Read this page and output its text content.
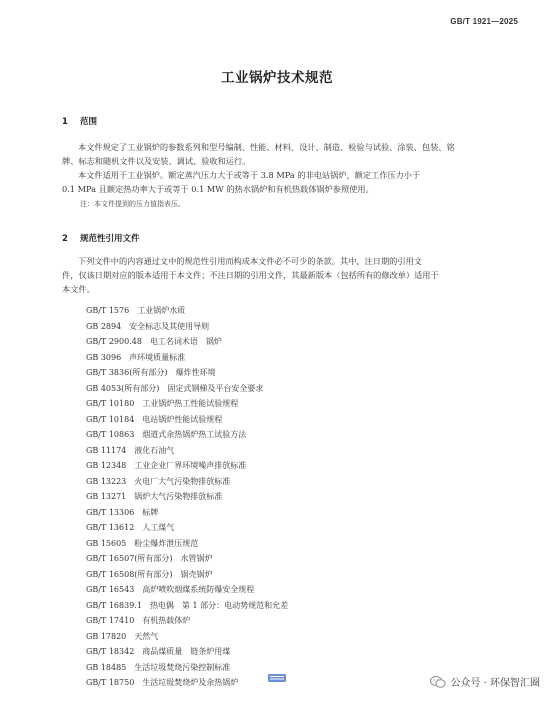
GB/T 1921—2025
工业锅炉技术规范
1 范围
本文件规定了工业锅炉的参数系列和型号编制、性能、材料、设计、制造、检验与试验、涂装、包装、铭
牌、标志和随机文件以及安装、调试、验收和运行。
本文件适用于工业锅炉。额定蒸汽压力大于或等于 3.8 MPa 的非电站锅炉，额定工作压力小于
0.1 MPa 且额定热功率大于或等于 0.1 MW 的热水锅炉和有机热载体锅炉参照使用。
注：本文件提到的压力值指表压。
2 规范性引用文件
下列文件中的内容通过文中的规范性引用而构成本文件必不可少的条款。其中，注日期的引用文
件，仅该日期对应的版本适用于本文件；不注日期的引用文件，其最新版本（包括所有的修改单）适用于
本文件。
GB/T 1576 工业锅炉水质
GB 2894 安全标志及其使用导则
GB/T 2900.48 电工名词术语　锅炉
GB 3096 声环境质量标准
GB/T 3836(所有部分) 爆炸性环境
GB 4053(所有部分) 固定式钢梯及平台安全要求
GB/T 10180 工业锅炉热工性能试验规程
GB/T 10184 电站锅炉性能试验规程
GB/T 10863 烟道式余热锅炉热工试验方法
GB 11174 液化石油气
GB 12348 工业企业厂界环境噪声排放标准
GB 13223 火电厂大气污染物排放标准
GB 13271 锅炉大气污染物排放标准
GB/T 13306 标牌
GB/T 13612 人工煤气
GB 15605 粉尘爆炸泄压规范
GB/T 16507(所有部分) 水管锅炉
GB/T 16508(所有部分) 锅壳锅炉
GB/T 16543 高炉喷吹烟煤系统防爆安全规程
GB/T 16839.1 热电偶　第 1 部分：电动势规范和允差
GB/T 17410 有机热载体炉
GB 17820 天然气
GB/T 18342 商品煤质量　链条炉用煤
GB 18485 生活垃圾焚烧污染控制标准
GB/T 18750 生活垃圾焚烧炉及余热锅炉	公众号 · 环保智汇圈
